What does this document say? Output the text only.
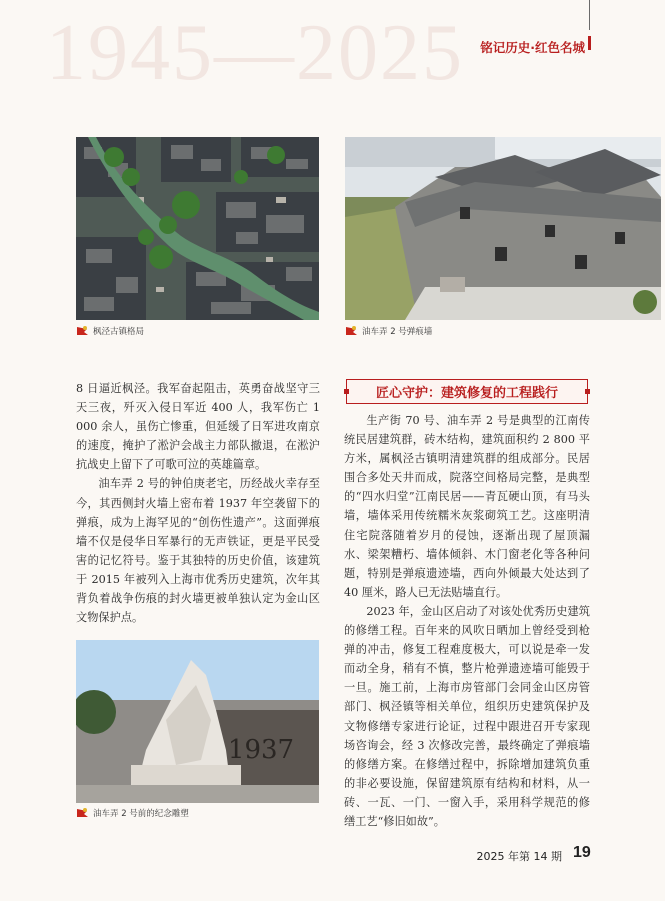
1945—2025 铭记历史·红色名城
枫泾古镇格局	油车弄 2 号弹痕墙

8 日逼近枫泾。我军奋起阻击，英勇奋战坚守三天三夜，歼灭入侵日军近 400 人，我军伤亡 1 000 余人，虽伤亡惨重，但延缓了日军进攻南京的速度，掩护了淞沪会战主力部队撤退，在淞沪抗战史上留下了可歌可泣的英雄篇章。

油车弄 2 号的钟伯庚老宅，历经战火幸存至今，其西侧封火墙上密布着 1937 年空袭留下的弹痕，成为上海罕见的“创伤性遗产”。这面弹痕墙不仅是侵华日军暴行的无声铁证，更是平民受害的记忆符号。鉴于其独特的历史价值，该建筑于 2015 年被列入上海市优秀历史建筑，次年其背负着战争伤痕的封火墙更被单独认定为金山区文物保护点。

1937
油车弄 2 号前的纪念雕塑
匠心守护：建筑修复的工程践行

生产街 70 号、油车弄 2 号是典型的江南传统民居建筑群，砖木结构，建筑面积约 2 800 平方米，属枫泾古镇明清建筑群的组成部分。民居围合多处天井而成，院落空间格局完整，是典型的“四水归堂”江南民居——青瓦硬山顶，有马头墙，墙体采用传统糯米灰浆砌筑工艺。这座明清住宅院落随着岁月的侵蚀，逐渐出现了屋顶漏水、梁架糟朽、墙体倾斜、木门窗老化等各种问题，特别是弹痕遗迹墙，西向外倾最大处达到了 40 厘米，路人已无法贴墙直行。

2023 年，金山区启动了对该处优秀历史建筑的修缮工程。百年来的风吹日晒加上曾经受到枪弹的冲击，修复工程难度极大，可以说是牵一发而动全身，稍有不慎，整片枪弹遗迹墙可能毁于一旦。施工前，上海市房管部门会同金山区房管部门、枫泾镇等相关单位，组织历史建筑保护及文物修缮专家进行论证，过程中跟进召开专家现场咨询会，经 3 次修改完善，最终确定了弹痕墙的修缮方案。在修缮过程中，拆除增加建筑负重的非必要设施，保留建筑原有结构和材料，从一砖、一瓦、一门、一窗入手，采用科学规范的修缮工艺“修旧如故”。

2025 年第 14 期 19
